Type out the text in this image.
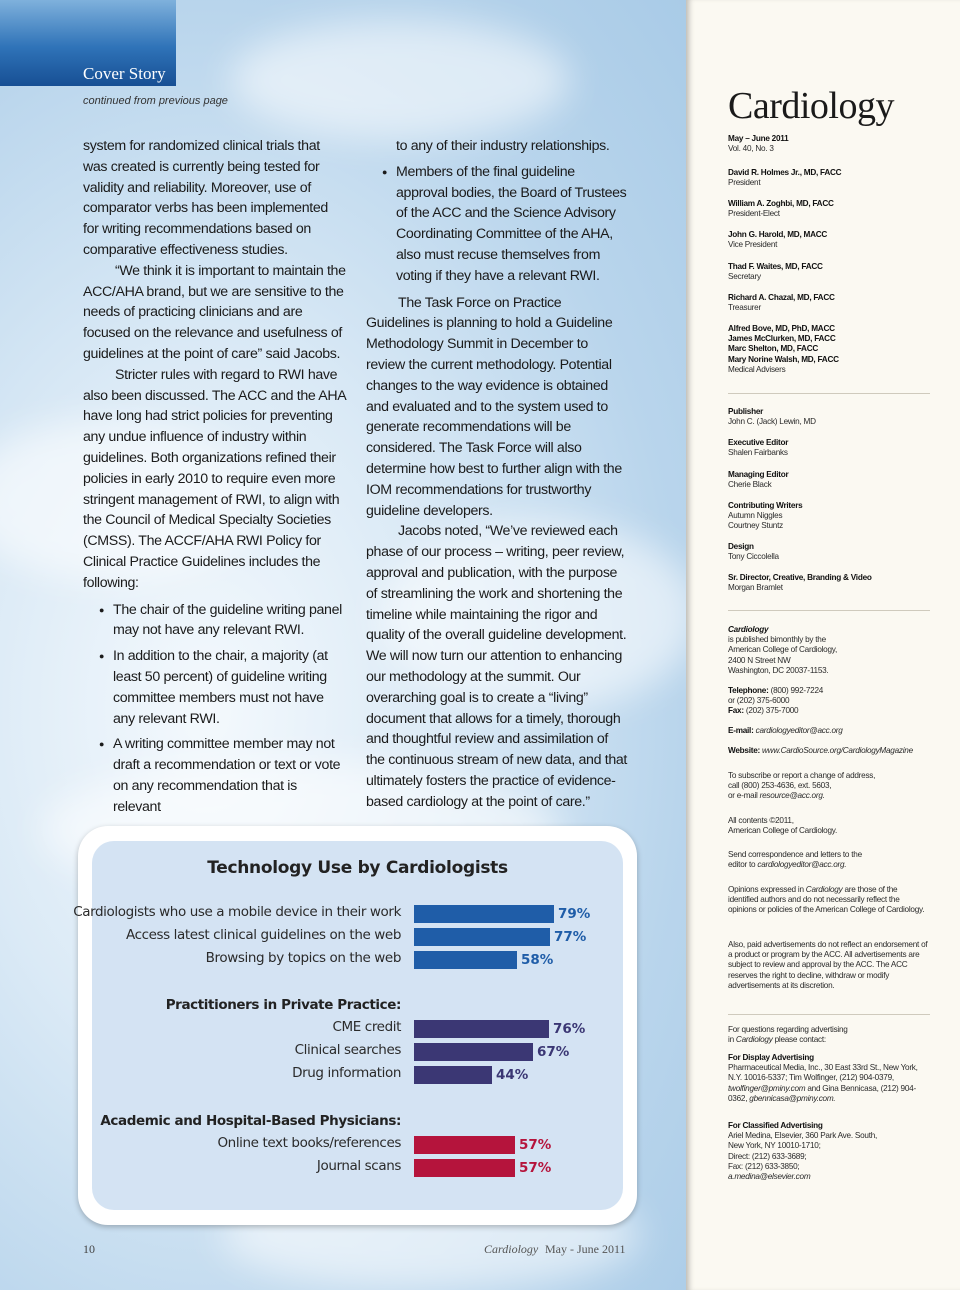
Cover Story
continued from previous page

system for randomized clinical trials that was created is currently being tested for validity and reliability. Moreover, use of comparator verbs has been implemented for writing recommendations based on comparative effectiveness studies.

“We think it is important to maintain the ACC/AHA brand, but we are sensitive to the needs of practicing clinicians and are focused on the relevance and usefulness of guidelines at the point of care” said Jacobs.

Stricter rules with regard to RWI have also been discussed. The ACC and the AHA have long had strict policies for preventing any undue influence of industry within guidelines. Both organizations refined their policies in early 2010 to require even more stringent management of RWI, to align with the Council of Medical Specialty Societies (CMSS). The ACCF/AHA RWI Policy for Clinical Practice Guidelines includes the following:

● The chair of the guideline writing panel may not have any relevant RWI.
● In addition to the chair, a majority (at least 50 percent) of guideline writing committee members must not have any relevant RWI.
● A writing committee member may not draft a recommendation or text or vote on any recommendation that is relevant

to any of their industry relationships.

● Members of the final guideline approval bodies, the Board of Trustees of the ACC and the Science Advisory Coordinating Committee of the AHA, also must recuse themselves from voting if they have a relevant RWI.

The Task Force on Practice Guidelines is planning to hold a Guideline Methodology Summit in December to review the current methodology. Potential changes to the way evidence is obtained and evaluated and to the system used to generate recommendations will be considered. The Task Force will also determine how best to further align with the IOM recommendations for trustworthy guideline developers.

Jacobs noted, “We’ve reviewed each phase of our process – writing, peer review, approval and publication, with the purpose of streamlining the work and shortening the timeline while maintaining the rigor and quality of the overall guideline development. We will now turn our attention to enhancing our methodology at the summit. Our overarching goal is to create a “living” document that allows for a timely, thorough and thoughtful review and assimilation of the continuous stream of new data, and that ultimately fosters the practice of evidence-based cardiology at the point of care.”

Technology Use by Cardiologists
Cardiologists who use a mobile device in their work	79%
Access latest clinical guidelines on the web	77%
Browsing by topics on the web	58%
Practitioners in Private Practice:
CME credit	76%
Clinical searches	67%
Drug information	44%
Academic and Hospital-Based Physicians:
Online text books/references	57%
Journal scans	57%
10	Cardiology May - June 2011
Cardiology
May – June 2011
Vol. 40, No. 3
David R. Holmes Jr., MD, FACC
President
William A. Zoghbi, MD, FACC
President-Elect
John G. Harold, MD, MACC
Vice President
Thad F. Waites, MD, FACC
Secretary
Richard A. Chazal, MD, FACC
Treasurer
Alfred Bove, MD, PhD, MACC
James McClurken, MD, FACC
Marc Shelton, MD, FACC
Mary Norine Walsh, MD, FACC
Medical Advisers
Publisher
John C. (Jack) Lewin, MD
Executive Editor
Shalen Fairbanks
Managing Editor
Cherie Black
Contributing Writers
Autumn Niggles
Courtney Stuntz
Design
Tony Ciccolella
Sr. Director, Creative, Branding & Video
Morgan Bramlet
Cardiology
is published bimonthly by the
American College of Cardiology,
2400 N Street NW
Washington, DC 20037-1153.
Telephone: (800) 992-7224
or (202) 375-6000
Fax: (202) 375-7000
E-mail: cardiologyeditor@acc.org
Website: www.CardioSource.org/CardiologyMagazine
To subscribe or report a change of address,
call (800) 253-4636, ext. 5603,
or e-mail resource@acc.org.
All contents ©2011,
American College of Cardiology.
Send correspondence and letters to the
editor to cardiologyeditor@acc.org.
Opinions expressed in Cardiology are those of the identified authors and do not necessarily reflect the opinions or policies of the American College of Cardiology.
Also, paid advertisements do not reflect an endorsement of a product or program by the ACC. All advertisements are subject to review and approval by the ACC. The ACC reserves the right to decline, withdraw or modify advertisements at its discretion.
For questions regarding advertising
in Cardiology please contact:
For Display Advertising
Pharmaceutical Media, Inc., 30 East 33rd St., New York, N.Y. 10016-5337; Tim Wolfinger, (212) 904-0379, twolfinger@pminy.com and Gina Bennicasa, (212) 904-0362, gbennicasa@pminy.com.
For Classified Advertising
Ariel Medina, Elsevier, 360 Park Ave. South,
New York, NY 10010-1710;
Direct: (212) 633-3689;
Fax: (212) 633-3850;
a.medina@elsevier.com
